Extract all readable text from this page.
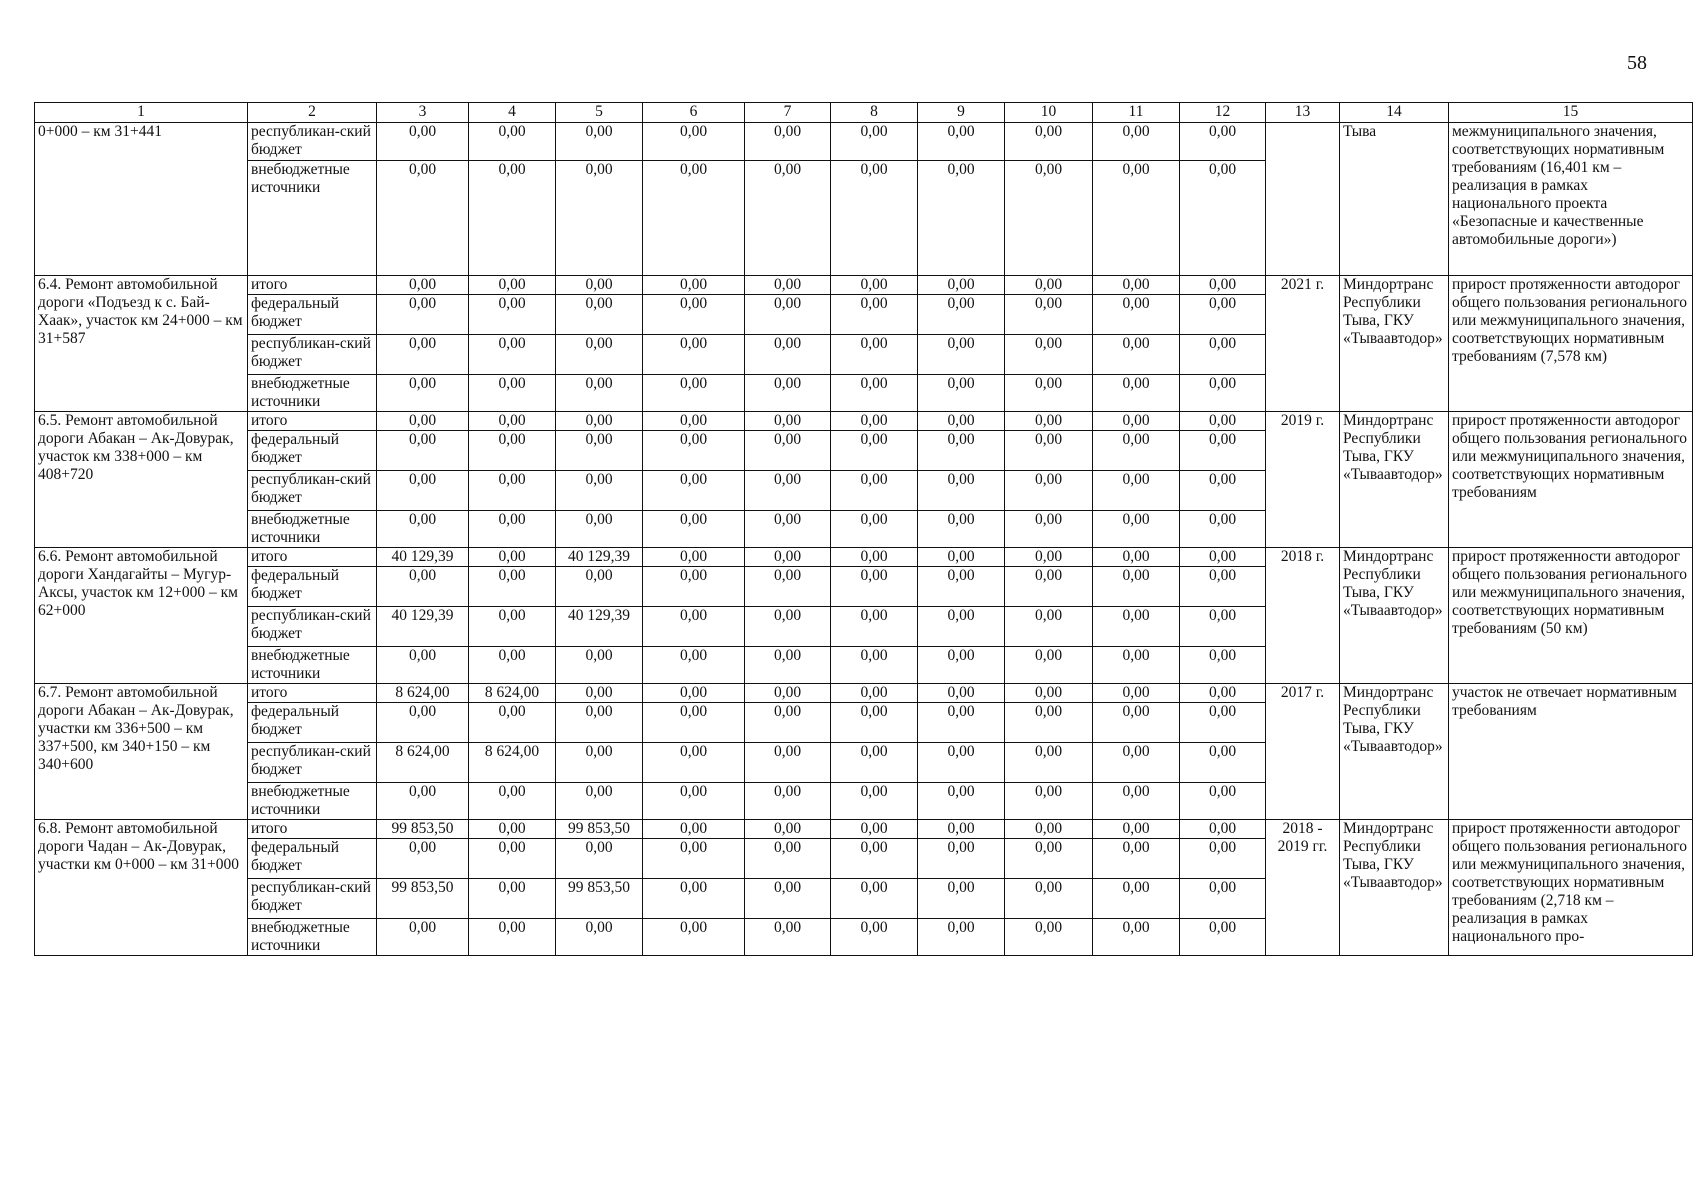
58
1	2	3	4	5	6	7	8	9	10	11	12	13	14	15
0+000 – км 31+441	республикан-ский бюджет	0,00	0,00	0,00	0,00	0,00	0,00	0,00	0,00	0,00	0,00		Тыва	межмуниципального значения, соответствующих нормативным требованиям (16,401 км – реализация в рамках национального проекта «Безопасные и качественные автомобильные дороги»)
	внебюджетные источники	0,00	0,00	0,00	0,00	0,00	0,00	0,00	0,00	0,00	0,00			
6.4. Ремонт автомобильной дороги «Подъезд к с. Бай-Хаак», участок км 24+000 – км 31+587	итого	0,00	0,00	0,00	0,00	0,00	0,00	0,00	0,00	0,00	0,00	2021 г.	Миндортранс Республики Тыва, ГКУ «Тываавтодор»	прирост протяженности автодорог общего пользования регионального или межмуниципального значения, соответствующих нормативным требованиям (7,578 км)
	федеральный бюджет	0,00	0,00	0,00	0,00	0,00	0,00	0,00	0,00	0,00	0,00			
	республикан-ский бюджет	0,00	0,00	0,00	0,00	0,00	0,00	0,00	0,00	0,00	0,00			
	внебюджетные источники	0,00	0,00	0,00	0,00	0,00	0,00	0,00	0,00	0,00	0,00			
6.5. Ремонт автомобильной дороги Абакан – Ак-Довурак, участок км 338+000 – км 408+720	итого	0,00	0,00	0,00	0,00	0,00	0,00	0,00	0,00	0,00	0,00	2019 г.	Миндортранс Республики Тыва, ГКУ «Тываавтодор»	прирост протяженности автодорог общего пользования регионального или межмуниципального значения, соответствующих нормативным требованиям
	федеральный бюджет	0,00	0,00	0,00	0,00	0,00	0,00	0,00	0,00	0,00	0,00			
	республикан-ский бюджет	0,00	0,00	0,00	0,00	0,00	0,00	0,00	0,00	0,00	0,00			
	внебюджетные источники	0,00	0,00	0,00	0,00	0,00	0,00	0,00	0,00	0,00	0,00			
6.6. Ремонт автомобильной дороги Хандагайты – Мугур-Аксы, участок км 12+000 – км 62+000	итого	40 129,39	0,00	40 129,39	0,00	0,00	0,00	0,00	0,00	0,00	0,00	2018 г.	Миндортранс Республики Тыва, ГКУ «Тываавтодор»	прирост протяженности автодорог общего пользования регионального или межмуниципального значения, соответствующих нормативным требованиям (50 км)
	федеральный бюджет	0,00	0,00	0,00	0,00	0,00	0,00	0,00	0,00	0,00	0,00			
	республикан-ский бюджет	40 129,39	0,00	40 129,39	0,00	0,00	0,00	0,00	0,00	0,00	0,00			
	внебюджетные источники	0,00	0,00	0,00	0,00	0,00	0,00	0,00	0,00	0,00	0,00			
6.7. Ремонт автомобильной дороги Абакан – Ак-Довурак, участки км 336+500 – км 337+500, км 340+150 – км 340+600	итого	8 624,00	8 624,00	0,00	0,00	0,00	0,00	0,00	0,00	0,00	0,00	2017 г.	Миндортранс Республики Тыва, ГКУ «Тываавтодор»	участок не отвечает нормативным требованиям
	федеральный бюджет	0,00	0,00	0,00	0,00	0,00	0,00	0,00	0,00	0,00	0,00			
	республикан-ский бюджет	8 624,00	8 624,00	0,00	0,00	0,00	0,00	0,00	0,00	0,00	0,00			
	внебюджетные источники	0,00	0,00	0,00	0,00	0,00	0,00	0,00	0,00	0,00	0,00			
6.8. Ремонт автомобильной дороги Чадан – Ак-Довурак, участки км 0+000 – км 31+000	итого	99 853,50	0,00	99 853,50	0,00	0,00	0,00	0,00	0,00	0,00	0,00	2018 - 2019 гг.	Миндортранс Республики Тыва, ГКУ «Тываавтодор»	прирост протяженности автодорог общего пользования регионального или межмуниципального значения, соответствующих нормативным требованиям (2,718 км – реализация в рамках национального про-
	федеральный бюджет	0,00	0,00	0,00	0,00	0,00	0,00	0,00	0,00	0,00	0,00			
	республикан-ский бюджет	99 853,50	0,00	99 853,50	0,00	0,00	0,00	0,00	0,00	0,00	0,00			
	внебюджетные источники	0,00	0,00	0,00	0,00	0,00	0,00	0,00	0,00	0,00	0,00			
